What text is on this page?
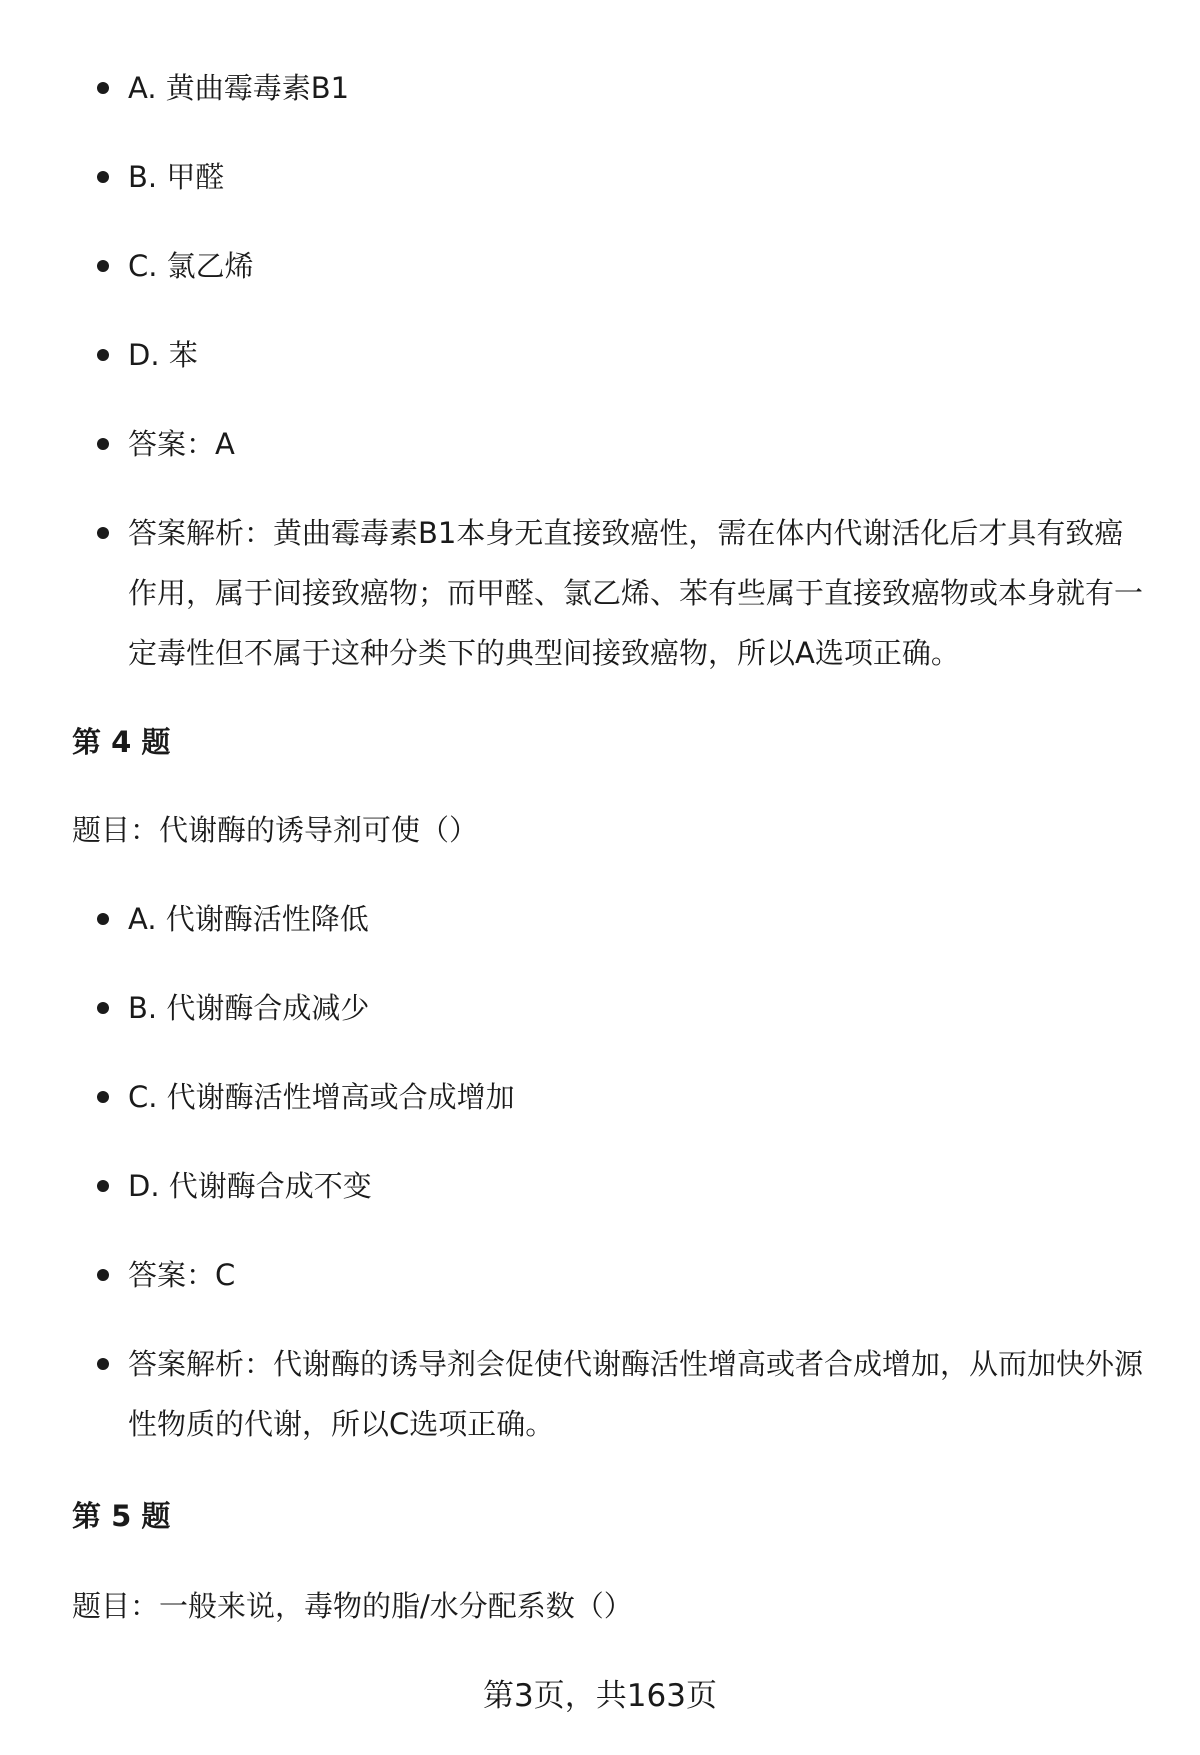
A. 黄曲霉毒素B1
B. 甲醛
C. 氯乙烯
D. 苯
答案：A
答案解析：黄曲霉毒素B1本身无直接致癌性，需在体内代谢活化后才具有致癌作用，属于间接致癌物；而甲醛、氯乙烯、苯有些属于直接致癌物或本身就有一定毒性但不属于这种分类下的典型间接致癌物，所以A选项正确。
第 4 题
题目：代谢酶的诱导剂可使（）
A. 代谢酶活性降低
B. 代谢酶合成减少
C. 代谢酶活性增高或合成增加
D. 代谢酶合成不变
答案：C
答案解析：代谢酶的诱导剂会促使代谢酶活性增高或者合成增加，从而加快外源性物质的代谢，所以C选项正确。
第 5 题
题目：一般来说，毒物的脂/水分配系数（）
第3页，共163页
